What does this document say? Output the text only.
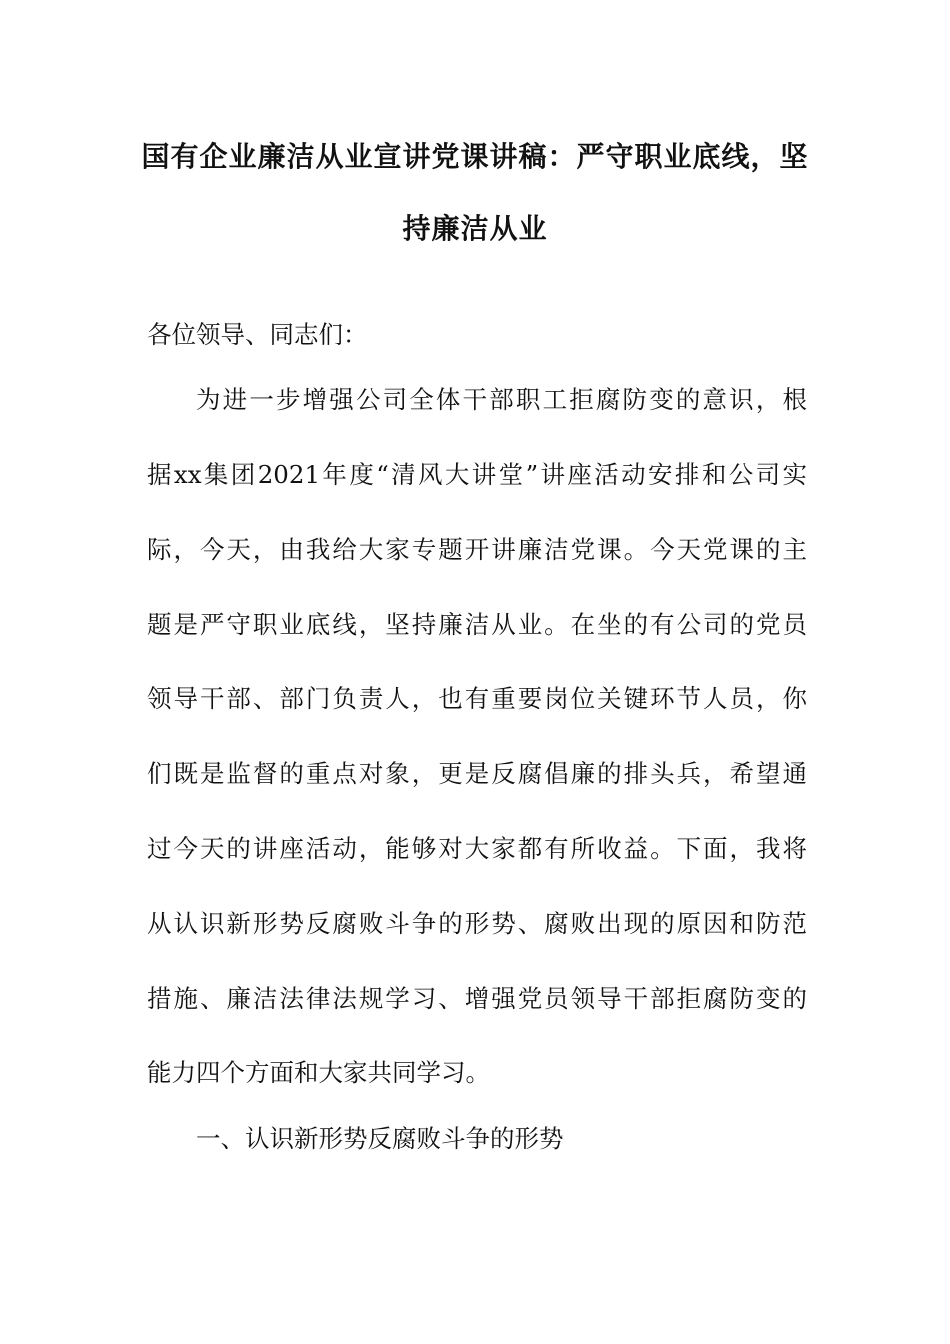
国有企业廉洁从业宣讲党课讲稿：严守职业底线，坚
持廉洁从业
各位领导、同志们：
为进一步增强公司全体干部职工拒腐防变的意识，根
据xx集团2021年度“清风大讲堂”讲座活动安排和公司实
际，今天，由我给大家专题开讲廉洁党课。今天党课的主
题是严守职业底线，坚持廉洁从业。在坐的有公司的党员
领导干部、部门负责人，也有重要岗位关键环节人员，你
们既是监督的重点对象，更是反腐倡廉的排头兵，希望通
过今天的讲座活动，能够对大家都有所收益。下面，我将
从认识新形势反腐败斗争的形势、腐败出现的原因和防范
措施、廉洁法律法规学习、增强党员领导干部拒腐防变的
能力四个方面和大家共同学习。
一、认识新形势反腐败斗争的形势
